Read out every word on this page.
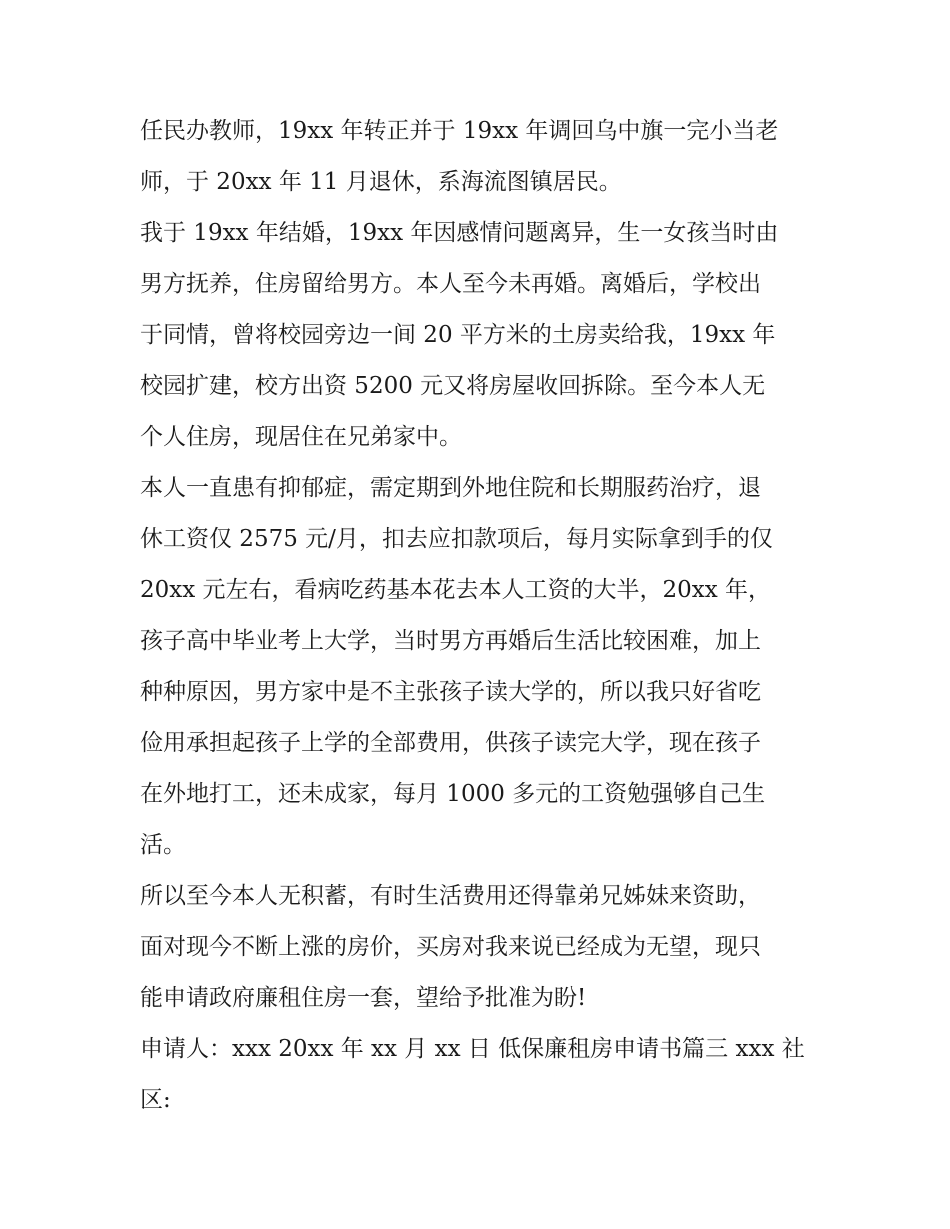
任民办教师，19xx 年转正并于 19xx 年调回乌中旗一完小当老
师，于 20xx 年 11 月退休，系海流图镇居民。
我于 19xx 年结婚，19xx 年因感情问题离异，生一女孩当时由
男方抚养，住房留给男方。本人至今未再婚。离婚后，学校出
于同情，曾将校园旁边一间 20 平方米的土房卖给我，19xx 年
校园扩建，校方出资 5200 元又将房屋收回拆除。至今本人无
个人住房，现居住在兄弟家中。
本人一直患有抑郁症，需定期到外地住院和长期服药治疗，退
休工资仅 2575 元/月，扣去应扣款项后，每月实际拿到手的仅
20xx 元左右，看病吃药基本花去本人工资的大半，20xx 年，
孩子高中毕业考上大学，当时男方再婚后生活比较困难，加上
种种原因，男方家中是不主张孩子读大学的，所以我只好省吃
俭用承担起孩子上学的全部费用，供孩子读完大学，现在孩子
在外地打工，还未成家，每月 1000 多元的工资勉强够自己生
活。
所以至今本人无积蓄，有时生活费用还得靠弟兄姊妹来资助，
面对现今不断上涨的房价，买房对我来说已经成为无望，现只
能申请政府廉租住房一套，望给予批准为盼!
申请人：xxx 20xx 年 xx 月 xx 日 低保廉租房申请书篇三 xxx 社
区:
